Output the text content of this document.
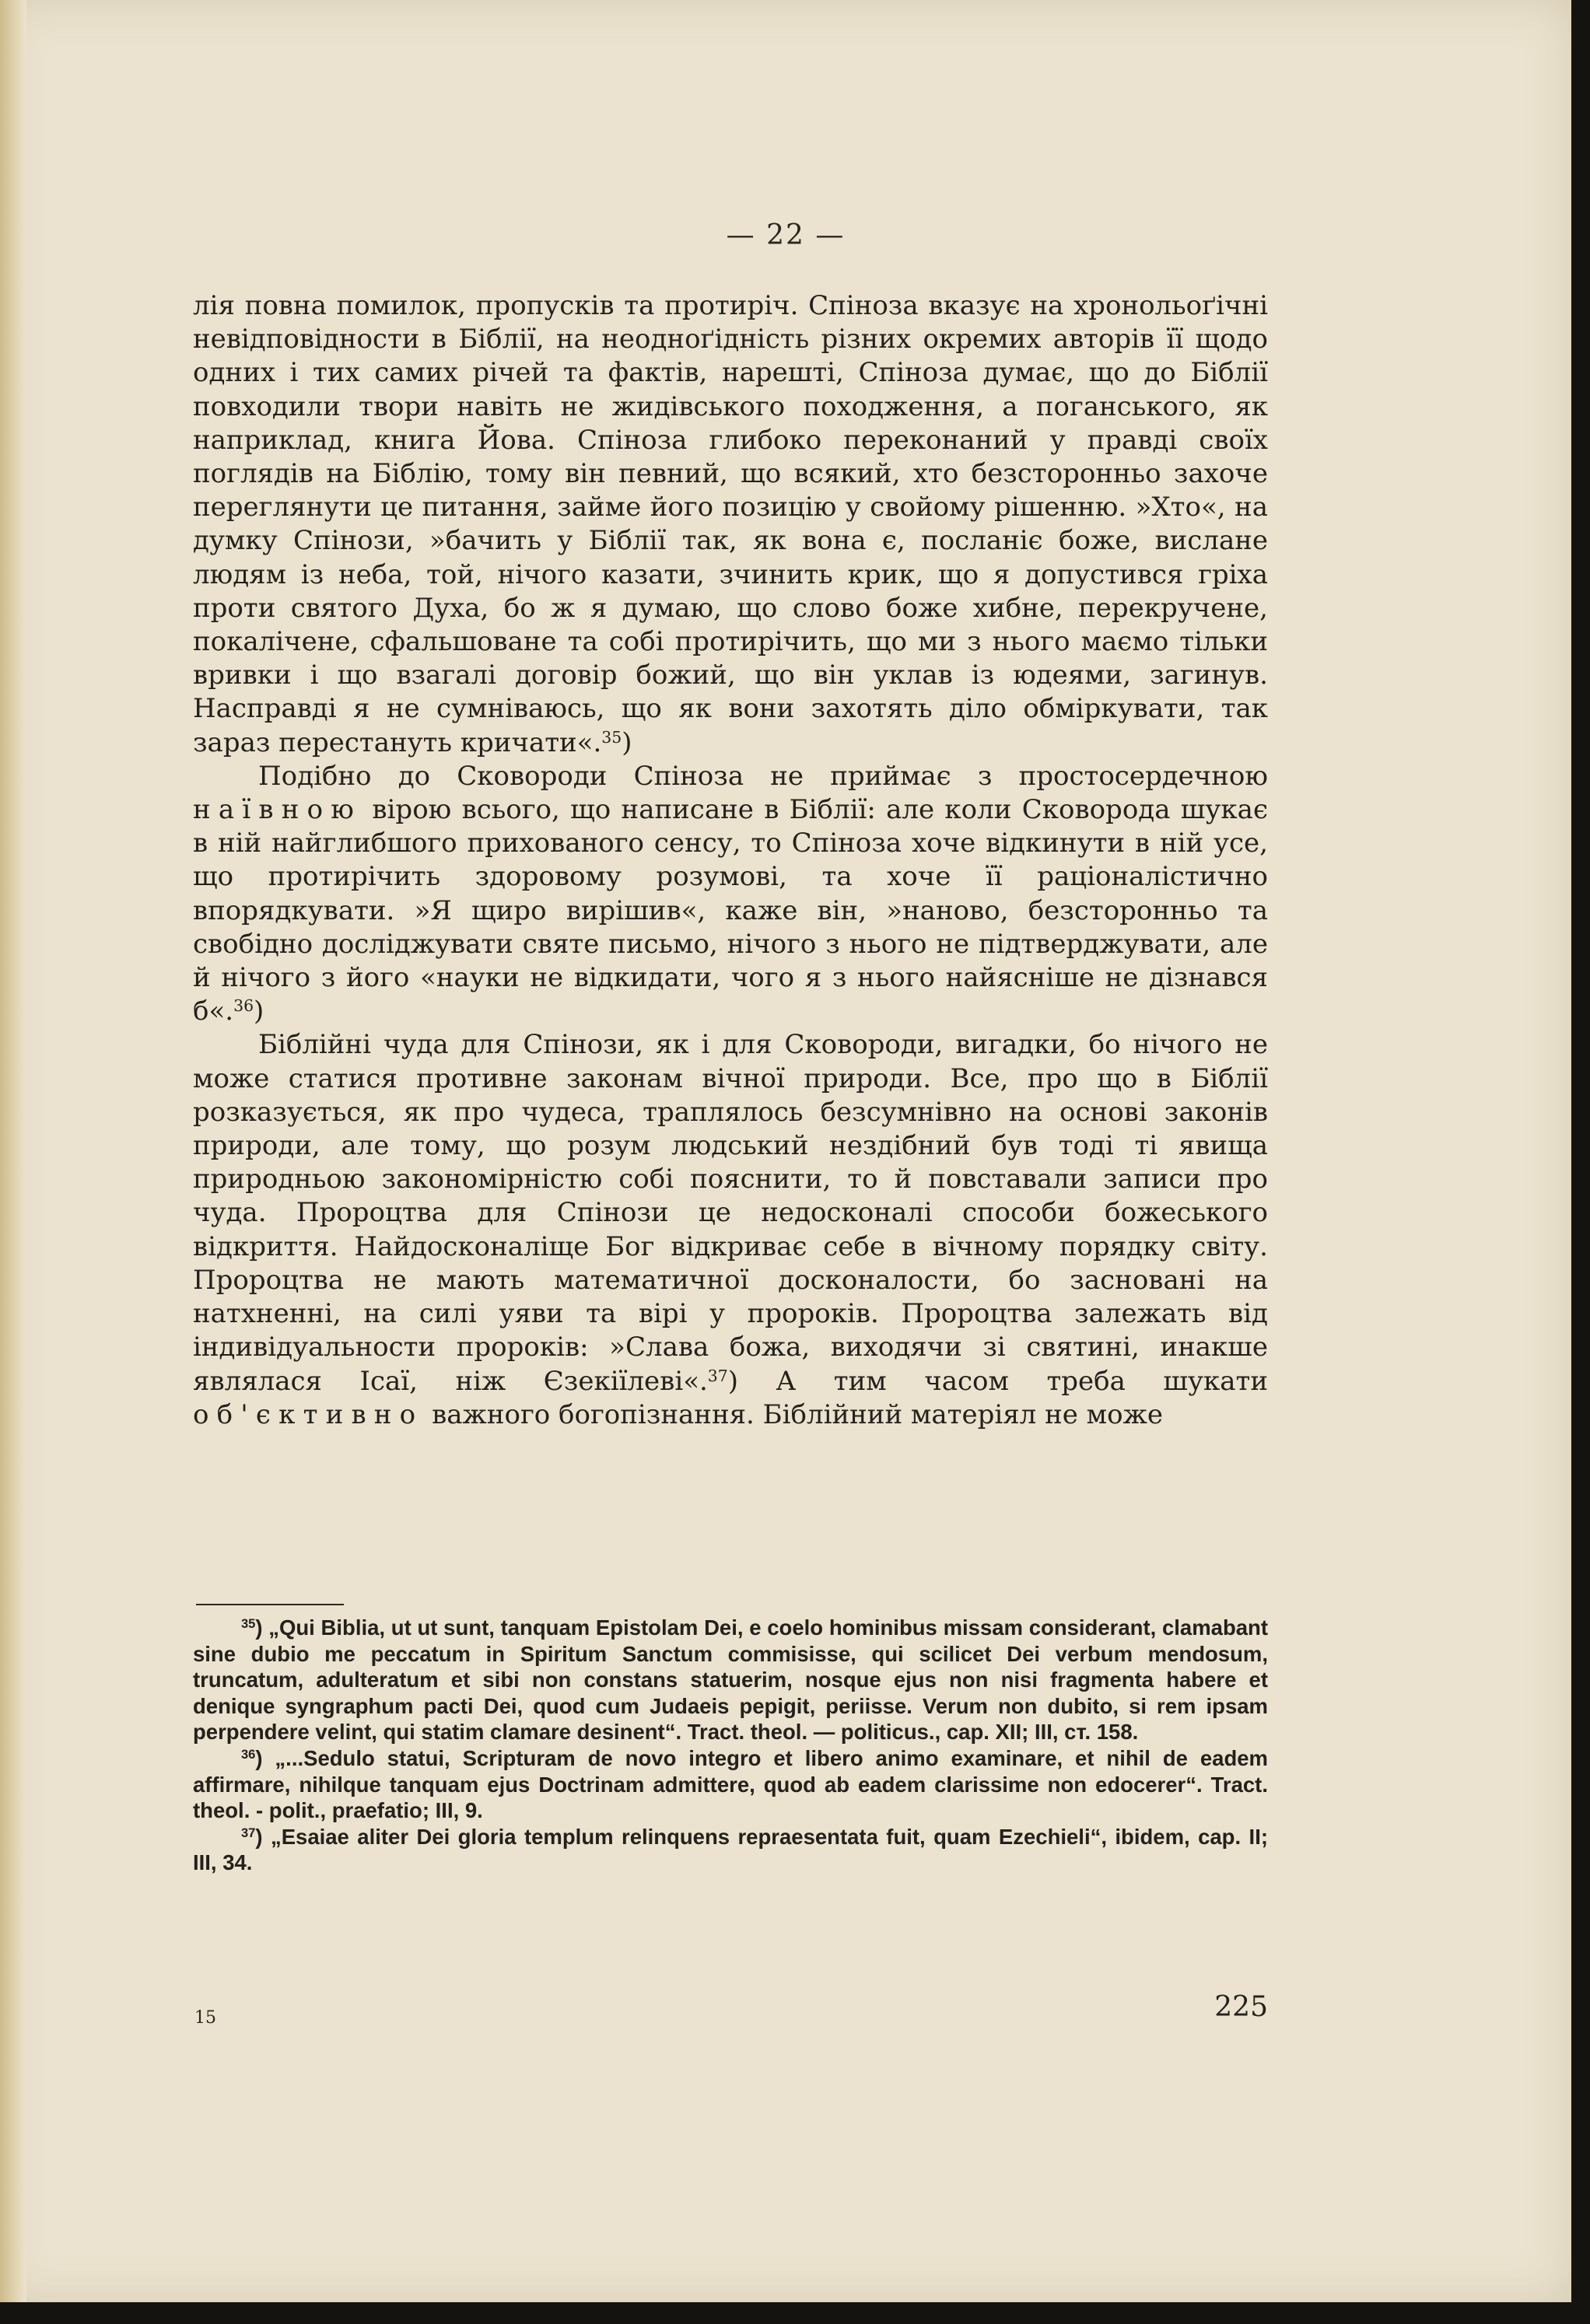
— 22 —

лія повна помилок, пропусків та протиріч. Спіноза вказує на хронольоґічні невідповідности в Біблії, на неодноґідність різних окремих авторів її щодо одних і тих самих річей та фактів, нарешті, Спіноза думає, що до Біблії повходили твори навіть не жидівського походження, а поганського, як наприклад, книга Йова. Спіноза глибоко переконаний у правді своїх поглядів на Біблію, тому він певний, що всякий, хто безсторонньо захоче переглянути це питання, займе його позицію у свойому рішенню. »Хто«, на думку Спінози, »бачить у Біблії так, як вона є, посланіє боже, вислане людям із неба, той, нічого казати, зчинить крик, що я допустився гріха проти святого Духа, бо ж я думаю, що слово боже хибне, перекручене, покалічене, сфальшоване та собі протирічить, що ми з нього маємо тільки вривки і що взагалі договір божий, що він уклав із юдеями, загинув. Насправді я не сумніваюсь, що як вони захотять діло обміркувати, так зараз перестануть кричати«.$^{35}$)

Подібно до Сковороди Спіноза не приймає з простосердечною наївною вірою всього, що написане в Біблії: але коли Сковорода шукає в ній найглибшого прихованого сенсу, то Спіноза хоче відкинути в ній усе, що протирічить здоровому розумові, та хоче її раціоналістично впорядкувати. »Я щиро вирішив«, каже він, »наново, безсторонньо та свобідно досліджувати святе письмо, нічого з нього не підтверджувати, але й нічого з його «науки не відкидати, чого я з нього найясніше не дізнався б«.$^{36}$)

Біблійні чуда для Спінози, як і для Сковороди, вигадки, бо нічого не може статися противне законам вічної природи. Все, про що в Біблії розказується, як про чудеса, траплялось безсумнівно на основі законів природи, але тому, що розум людський нездібний був тоді ті явища природньою закономірністю собі пояснити, то й повставали записи про чуда. Пророцтва для Спінози це недосконалі способи божеського відкриття. Найдосконаліще Бог відкриває себе в вічному порядку світу. Пророцтва не мають математичної досконалости, бо засновані на натхненні, на силі уяви та вірі у пророків. Пророцтва залежать від індивідуальности пророків: »Слава божа, виходячи зі святині, инакше являлася Ісаї, ніж Єзекіїлеві«.$^{37}$) А тим часом треба шукати об'єктивно важного богопізнання. Біблійний матеріял не може

$^{35}$) „Qui Biblia, ut ut sunt, tanquam Epistolam Dei, e coelo hominibus missam considerant, clamabant sine dubio me peccatum in Spiritum Sanctum commisisse, qui scilicet Dei verbum mendosum, truncatum, adulteratum et sibi non constans statuerim, nosque ejus non nisi fragmenta habere et denique syngraphum pacti Dei, quod cum Judaeis pepigit, periisse. Verum non dubito, si rem ipsam perpendere velint, qui statim clamare desinent“. Tract. theol. — politicus., cap. XII; III, ст. 158.

$^{36}$) „...Sedulo statui, Scripturam de novo integro et libero animo examinare, et nihil de eadem affirmare, nihilque tanquam ejus Doctrinam admittere, quod ab eadem clarissime non edocerer“. Tract. theol. - polit., praefatio; III, 9.

$^{37}$) „Esaiae aliter Dei gloria templum relinquens repraesentata fuit, quam Ezechieli“, ibidem, cap. II; III, 34.

15	225
